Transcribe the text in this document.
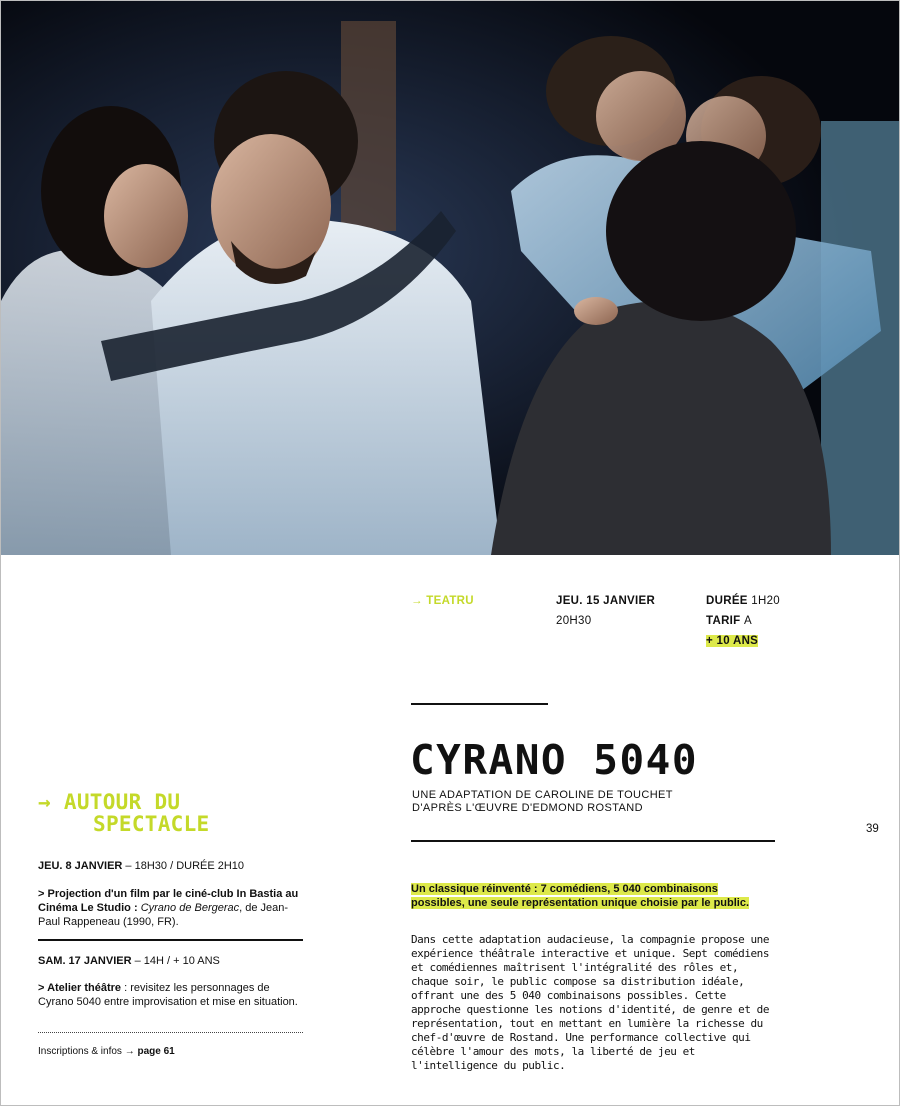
→ TEATRU	JEU. 15 JANVIER
20H30
DURÉE 1H20
TARIF A
+ 10 ANS
CYRANO 5040
UNE ADAPTATION DE CAROLINE DE TOUCHET
D'APRÈS L'ŒUVRE D'EDMOND ROSTAND
39
Un classique réinventé : 7 comédiens, 5 040 combinaisons possibles, une seule représentation unique choisie par le public.
Dans cette adaptation audacieuse, la compagnie propose une expérience théâtrale interactive et unique. Sept comédiens et comédiennes maîtrisent l'intégralité des rôles et, chaque soir, le public compose sa distribution idéale, offrant une des 5 040 combinaisons possibles. Cette approche questionne les notions d'identité, de genre et de représentation, tout en mettant en lumière la richesse du chef-d'œuvre de Rostand. Une performance collective qui célèbre l'amour des mots, la liberté de jeu et l'intelligence du public.
→ AUTOUR DU
SPECTACLE
JEU. 8 JANVIER – 18H30 / DURÉE 2H10
> Projection d'un film par le ciné-club In Bastia au Cinéma Le Studio : Cyrano de Bergerac, de Jean-Paul Rappeneau (1990, FR).
SAM. 17 JANVIER – 14H / + 10 ANS
> Atelier théâtre : revisitez les personnages de Cyrano 5040 entre improvisation et mise en situation.
Inscriptions & infos → page 61
